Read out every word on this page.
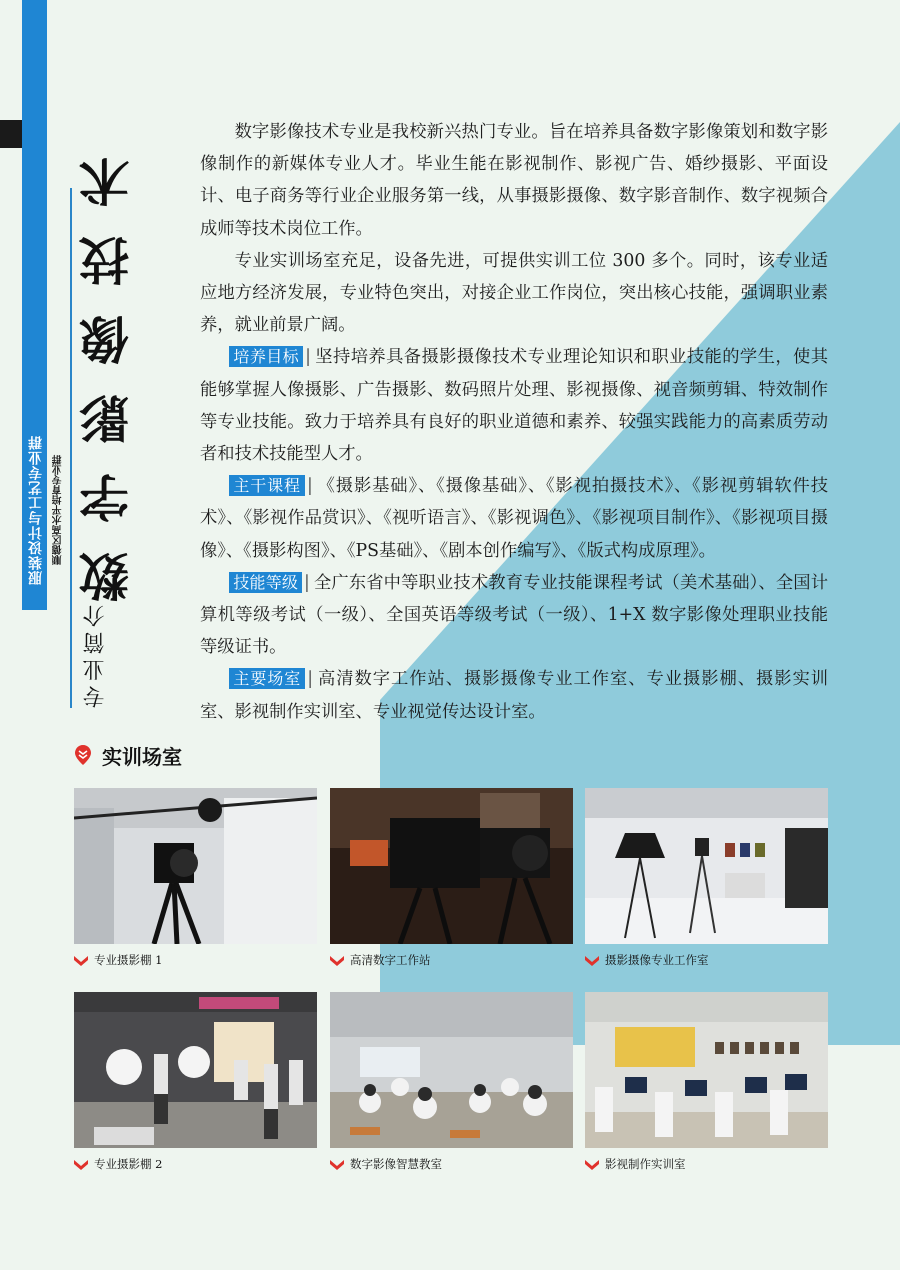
服装设计与工艺专业群 顺德区高水平培育专业群 数字影像技术
专业简介

数字影像技术专业是我校新兴热门专业。旨在培养具备数字影像策划和数字影像制作的新媒体专业人才。毕业生能在影视制作、影视广告、婚纱摄影、平面设计、电子商务等行业企业服务第一线，从事摄影摄像、数字影音制作、数字视频合成师等技术岗位工作。

专业实训场室充足，设备先进，可提供实训工位 300 多个。同时，该专业适应地方经济发展，专业特色突出，对接企业工作岗位，突出核心技能，强调职业素养，就业前景广阔。

培养目标 | 坚持培养具备摄影摄像技术专业理论知识和职业技能的学生，使其能够掌握人像摄影、广告摄影、数码照片处理、影视摄像、视音频剪辑、特效制作等专业技能。致力于培养具有良好的职业道德和素养、较强实践能力的高素质劳动者和技术技能型人才。

主干课程 | 《摄影基础》、《摄像基础》、《影视拍摄技术》、《影视剪辑软件技术》、《影视作品赏识》、《视听语言》、《影视调色》、《影视项目制作》、《影视项目摄像》、《摄影构图》、《PS基础》、《剧本创作编写》、《版式构成原理》。

技能等级 | 全广东省中等职业技术教育专业技能课程考试（美术基础）、全国计算机等级考试（一级）、全国英语等级考试（一级）、1+X 数字影像处理职业技能等级证书。

主要场室 | 高清数字工作站、摄影摄像专业工作室、专业摄影棚、摄影实训室、影视制作实训室、专业视觉传达设计室。

实训场室
专业摄影棚 1	高清数字工作站	摄影摄像专业工作室
专业摄影棚 2	数字影像智慧教室	影视制作实训室
